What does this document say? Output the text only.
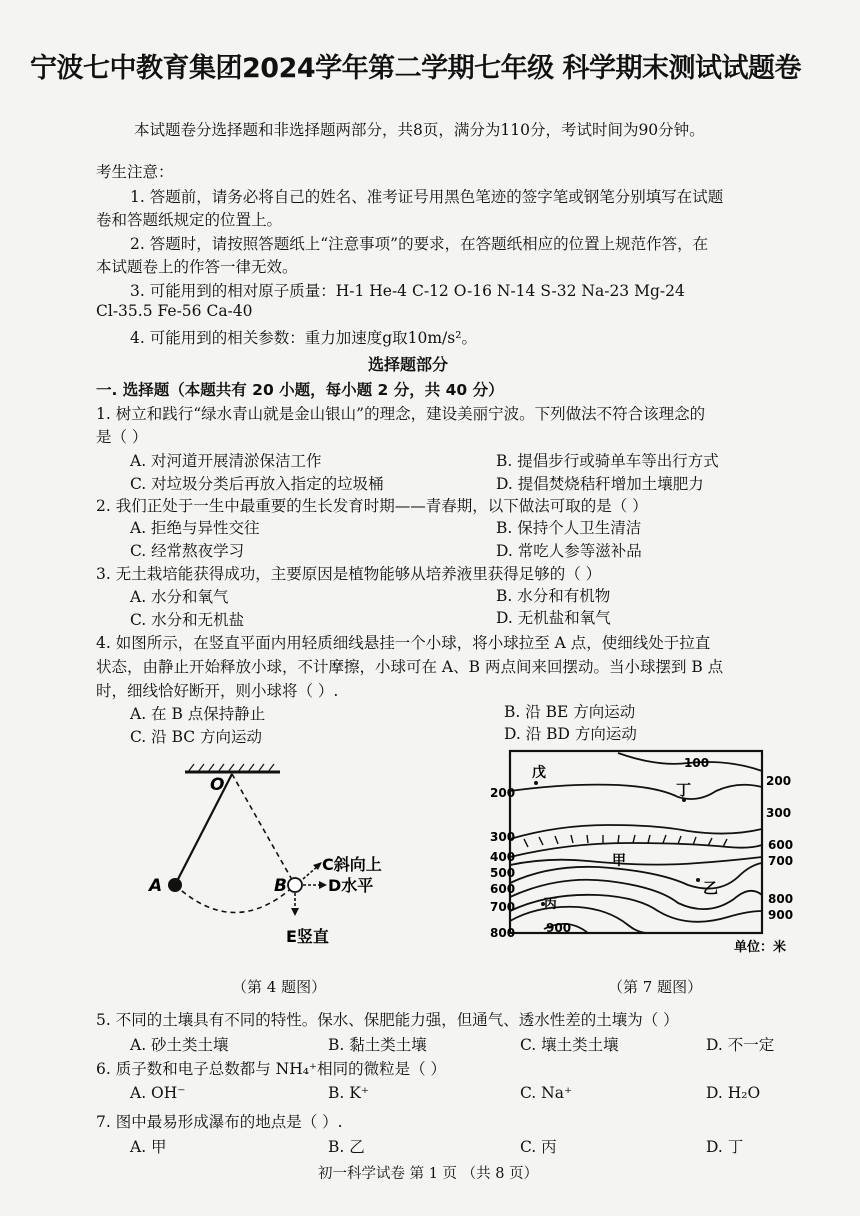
宁波七中教育集团2024学年第二学期七年级 科学期末测试试题卷
本试题卷分选择题和非选择题两部分，共8页，满分为110分，考试时间为90分钟。
考生注意：
1. 答题前，请务必将自己的姓名、准考证号用黑色笔迹的签字笔或钢笔分别填写在试题
卷和答题纸规定的位置上。
2. 答题时，请按照答题纸上“注意事项”的要求，在答题纸相应的位置上规范作答，在
本试题卷上的作答一律无效。
3. 可能用到的相对原子质量：H-1 He-4 C-12 O-16 N-14 S-32 Na-23 Mg-24
Cl-35.5 Fe-56 Ca-40
4. 可能用到的相关参数：重力加速度g取10m/s²。
选择题部分
一. 选择题（本题共有 20 小题，每小题 2 分，共 40 分）
1. 树立和践行“绿水青山就是金山银山”的理念，建设美丽宁波。下列做法不符合该理念的
是（ ）
A. 对河道开展清淤保洁工作	B. 提倡步行或骑单车等出行方式
C. 对垃圾分类后再放入指定的垃圾桶	D. 提倡焚烧秸秆增加土壤肥力
2. 我们正处于一生中最重要的生长发育时期——青春期，以下做法可取的是（ ）
A. 拒绝与异性交往	B. 保持个人卫生清洁
C. 经常熬夜学习	D. 常吃人参等滋补品
3. 无土栽培能获得成功，主要原因是植物能够从培养液里获得足够的（ ）
A. 水分和氧气	B. 水分和有机物
C. 水分和无机盐	D. 无机盐和氧气
4. 如图所示，在竖直平面内用轻质细线悬挂一个小球，将小球拉至 A 点，使细线处于拉直
状态，由静止开始释放小球，不计摩擦，小球可在 A、B 两点间来回摆动。当小球摆到 B 点
时，细线恰好断开，则小球将（ ）.
A. 在 B 点保持静止	B. 沿 BE 方向运动
C. 沿 BC 方向运动	D. 沿 BD 方向运动
O
A	B
C斜向上
D水平
E竖直
（第 4 题图）
戊
丁
甲
乙
丙
100
200
200
300
300
600
700
400
500
600
700
800
800
900
900
单位：米
（第 7 题图）
5. 不同的土壤具有不同的特性。保水、保肥能力强，但通气、透水性差的土壤为（ ）
A. 砂土类土壤	B. 黏土类土壤	C. 壤土类土壤	D. 不一定
6. 质子数和电子总数都与 NH₄⁺相同的微粒是（ ）
A. OH⁻	B. K⁺	C. Na⁺	D. H₂O
7. 图中最易形成瀑布的地点是（ ）.
A. 甲	B. 乙	C. 丙	D. 丁
初一科学试卷 第 1 页 （共 8 页）
